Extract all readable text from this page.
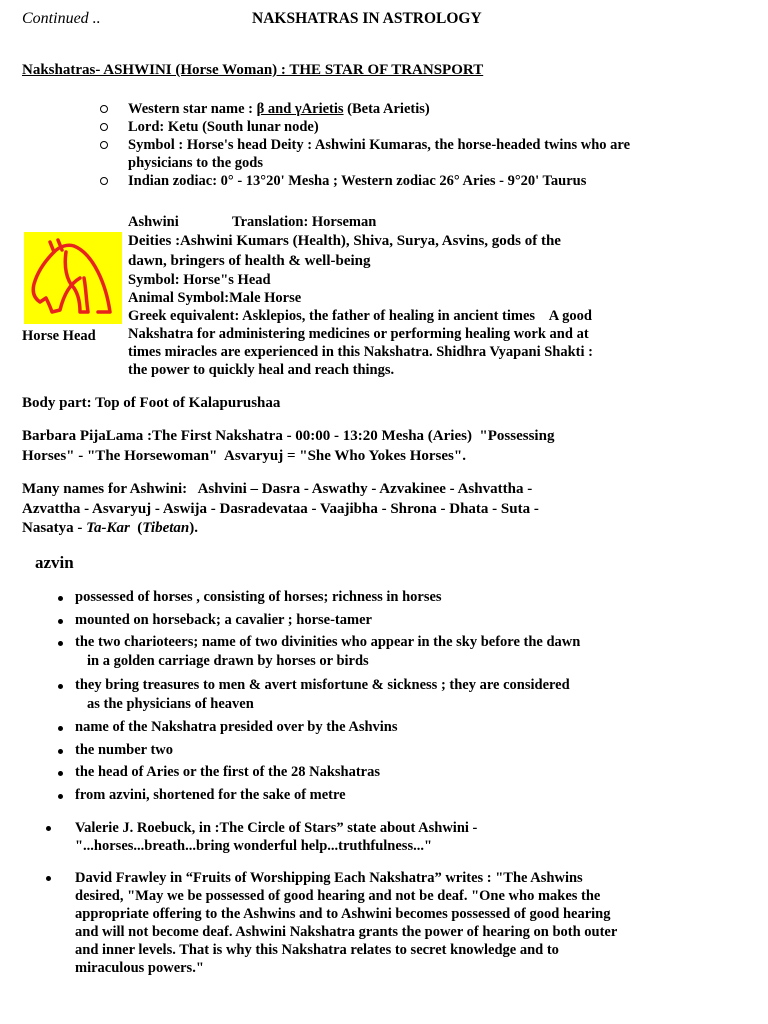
Continued ..	NAKSHATRAS IN ASTROLOGY
Nakshatras- ASHWINI (Horse Woman) : THE STAR OF TRANSPORT
Western star name : β and γArietis (Beta Arietis)
Lord: Ketu (South lunar node)
Symbol : Horse's head Deity : Ashwini Kumaras, the horse-headed twins who are
physicians to the gods
Indian zodiac: 0° - 13°20' Mesha ; Western zodiac 26° Aries - 9°20' Taurus
Horse Head
Ashwini	Translation: Horseman
Deities :Ashwini Kumars (Health), Shiva, Surya, Asvins, gods of the
dawn, bringers of health & well-being
Symbol: Horse"s Head
Animal Symbol:Male Horse
Greek equivalent: Asklepios, the father of healing in ancient times    A good
Nakshatra for administering medicines or performing healing work and at
times miracles are experienced in this Nakshatra. Shidhra Vyapani Shakti :
the power to quickly heal and reach things.
Body part: Top of Foot of Kalapurushaa
Barbara PijaLama :The First Nakshatra - 00:00 - 13:20 Mesha (Aries)  "Possessing
Horses" - "The Horsewoman"  Asvaryuj = "She Who Yokes Horses".
Many names for Ashwini:   Ashvini – Dasra - Aswathy - Azvakinee - Ashvattha -
Azvattha - Asvaryuj - Aswija - Dasradevataa - Vaajibha - Shrona - Dhata - Suta -
Nasatya - Ta-Kar  (Tibetan).
azvin
possessed of horses , consisting of horses; richness in horses
mounted on horseback; a cavalier ; horse-tamer
the two charioteers; name of two divinities who appear in the sky before the dawn
in a golden carriage drawn by horses or birds
they bring treasures to men & avert misfortune & sickness ; they are considered
as the physicians of heaven
name of the Nakshatra presided over by the Ashvins
the number two
the head of Aries or the first of the 28 Nakshatras
from azvini, shortened for the sake of metre
Valerie J. Roebuck, in :The Circle of Stars” state about Ashwini -
"...horses...breath...bring wonderful help...truthfulness..."
David Frawley in “Fruits of Worshipping Each Nakshatra” writes : "The Ashwins
desired, "May we be possessed of good hearing and not be deaf. "One who makes the
appropriate offering to the Ashwins and to Ashwini becomes possessed of good hearing
and will not become deaf. Ashwini Nakshatra grants the power of hearing on both outer
and inner levels. That is why this Nakshatra relates to secret knowledge and to
miraculous powers."
